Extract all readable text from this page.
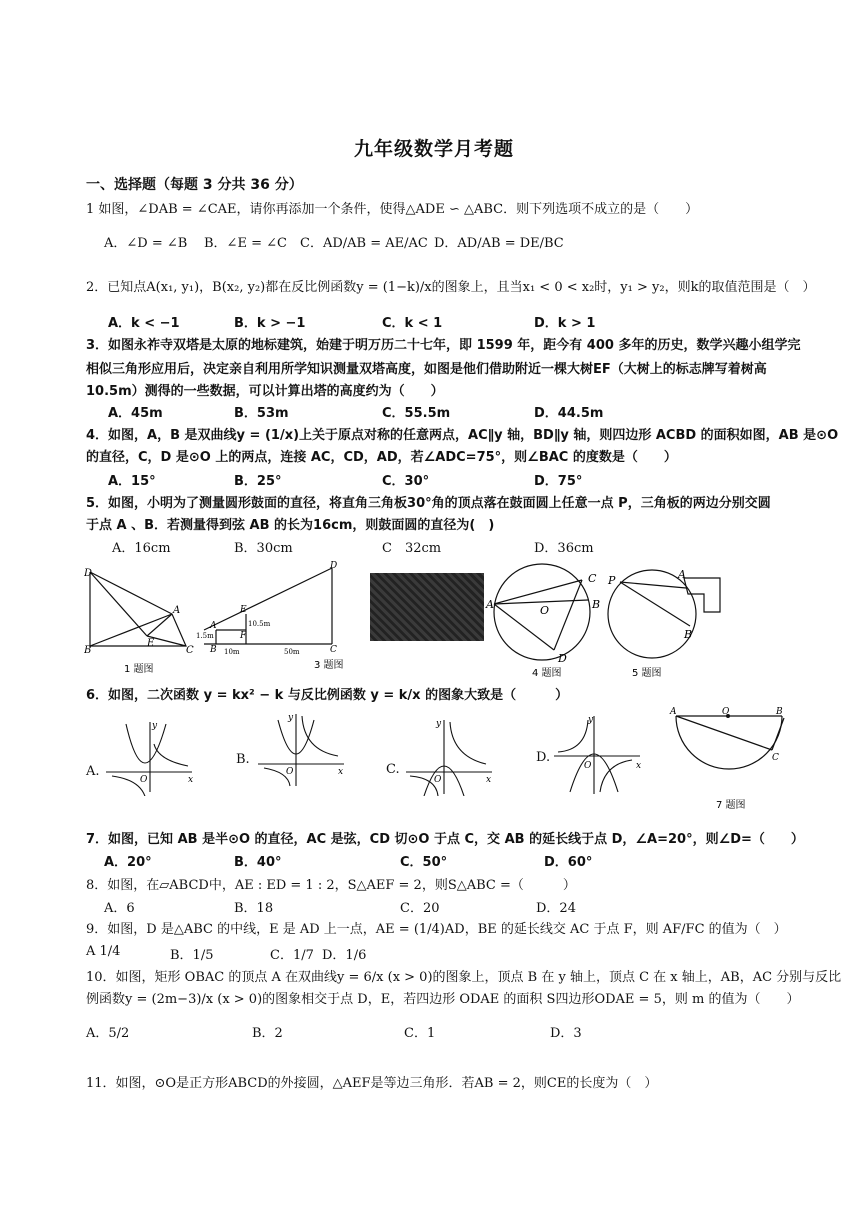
九年级数学月考题
一、选择题（每题 3 分共 36 分）
1 如图，∠DAB = ∠CAE，请你再添加一个条件，使得△ADE ∽ △ABC．则下列选项不成立的是（　　）
A．∠D = ∠B B．∠E = ∠C C．AD/AB = AE/AC D．AD/AB = DE/BC
2．已知点A(x₁, y₁)，B(x₂, y₂)都在反比例函数y = (1−k)/x的图象上，且当x₁ < 0 < x₂时，y₁ > y₂，则k的取值范围是（　）
A．k < −1	B．k > −1	C．k < 1	D．k > 1
3．如图永祚寺双塔是太原的地标建筑，始建于明万历二十七年，即 1599 年，距今有 400 多年的历史，数学兴趣小组学完
相似三角形应用后，决定亲自利用所学知识测量双塔高度，如图是他们借助附近一棵大树EF（大树上的标志牌写着树高
10.5m）测得的一些数据，可以计算出塔的高度约为（　　）
A．45m	B．53m	C．55.5m	D．44.5m
4．如图，A，B 是双曲线y = (1/x)上关于原点对称的任意两点，AC∥y 轴，BD∥y 轴，则四边形 ACBD 的面积如图，AB 是⊙O
的直径，C，D 是⊙O 上的两点，连接 AC，CD，AD，若∠ADC=75°，则∠BAC 的度数是（　　）
A．15°	B．25°	C．30°	D．75°
5．如图，小明为了测量圆形鼓面的直径，将直角三角板30°角的顶点落在鼓面圆上任意一点 P，三角板的两边分别交圆
于点 A 、B．若测量得到弦 AB 的长为16cm，则鼓面圆的直径为(　)
A．16cm	B．30cm	C　32cm	D．36cm
D
A
E
B	C
1 题图
D
E
A
F
B	C
1.5m
10.5m
10m	50m
3 题图
A	O
C
B
D
4 题图
P	A
B
5 题图
6．如图，二次函数 y = kx² − k 与反比例函数 y = k/x 的图象大致是（　　　）
A.
y
x
O
B.
y
x
O	C.
y
x
O
D.
y
x
O
A	O	B
C
7 题图
7．如图，已知 AB 是半⊙O 的直径，AC 是弦，CD 切⊙O 于点 C，交 AB 的延长线于点 D，∠A=20°，则∠D=（　　）
A．20°	B．40°	C．50°	D．60°
8．如图，在▱ABCD中，AE : ED = 1 : 2，S△AEF = 2，则S△ABC =（　　　）
A．6	B．18	C．20	D．24
9．如图，D 是△ABC 的中线，E 是 AD 上一点，AE = (1/4)AD，BE 的延长线交 AC 于点 F，则 AF/FC 的值为（　）
A 1/4	B．1/5	C．1/7 D．1/6
10．如图，矩形 OBAC 的顶点 A 在双曲线y = 6/x (x > 0)的图象上，顶点 B 在 y 轴上，顶点 C 在 x 轴上，AB，AC 分别与反比
例函数y = (2m−3)/x (x > 0)的图象相交于点 D，E，若四边形 ODAE 的面积 S四边形ODAE = 5，则 m 的值为（　　）
A．5/2	B．2	C．1	D．3
11．如图，⊙O是正方形ABCD的外接圆，△AEF是等边三角形．若AB = 2，则CE的长度为（　）
